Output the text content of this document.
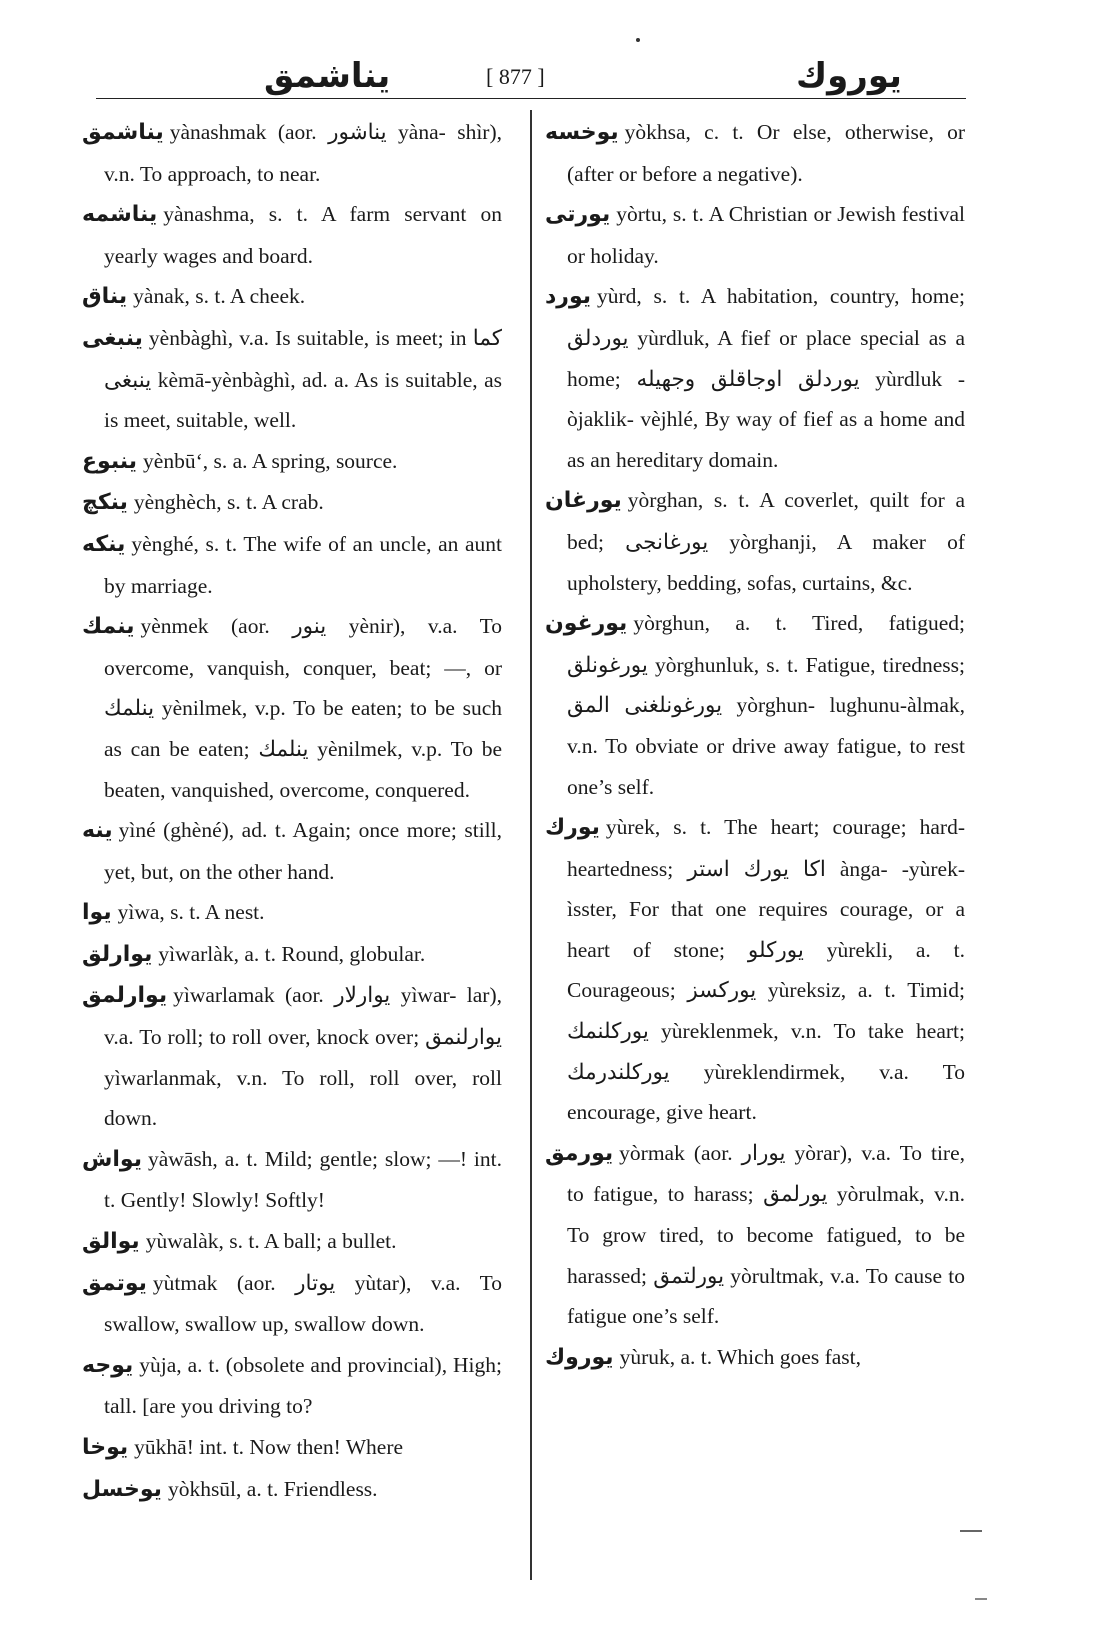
يناشمق	[ 877 ]	يوروك

يناشمق yànashmak (aor. يناشور yàna- shìr), v.n. To approach, to near.

يناشمه yànashma, s. t. A farm servant on yearly wages and board.

يناق yànak, s. t. A cheek.

ينبغى yènbàghì, v.a. Is suitable, is meet; in كما ينبغى kèmā-yènbàghì, ad. a. As is suitable, as is meet, suitable, well.

ينبوع yènbū‘, s. a. A spring, source.

ينكچ yènghèch, s. t. A crab.

ينكه yènghé, s. t. The wife of an uncle, an aunt by marriage.

ينمك yènmek (aor. ينور yènir), v.a. To overcome, vanquish, conquer, beat; —, or ينلمك yènilmek, v.p. To be eaten; to be such as can be eaten; ينلمك yènilmek, v.p. To be beaten, vanquished, overcome, conquered.

ينه yìné (ghèné), ad. t. Again; once more; still, yet, but, on the other hand.

يوا yìwa, s. t. A nest.

يوارلق yìwarlàk, a. t. Round, globular.

يوارلمق yìwarlamak (aor. يوارلار yìwar- lar), v.a. To roll; to roll over, knock over; يوارلنمق yìwarlanmak, v.n. To roll, roll over, roll down.

يواش yàwāsh, a. t. Mild; gentle; slow; —! int. t. Gently! Slowly! Softly!

يوالق yùwalàk, s. t. A ball; a bullet.

يوتمق yùtmak (aor. يوتار yùtar), v.a. To swallow, swallow up, swallow down.

يوجه yùja, a. t. (obsolete and provincial), High; tall. [are you driving to?

يوخا yūkhā! int. t. Now then! Where

يوخسل yòkhsūl, a. t. Friendless.

يوخسه yòkhsa, c. t. Or else, otherwise, or (after or before a negative).

يورتى yòrtu, s. t. A Christian or Jewish festival or holiday.

يورد yùrd, s. t. A habitation, country, home; يوردلق yùrdluk, A fief or place special as a home; يوردلق اوجاقلق وجهيله yùrdluk - òjaklik- vèjhlé, By way of fief as a home and as an hereditary domain.

يورغان yòrghan, s. t. A coverlet, quilt for a bed; يورغانجى yòrghanji, A maker of upholstery, bedding, sofas, curtains, &c.

يورغون yòrghun, a. t. Tired, fatigued; يورغونلق yòrghunluk, s. t. Fatigue, tiredness; يورغونلغنى المق yòrghun- lughunu-àlmak, v.n. To obviate or drive away fatigue, to rest one’s self.

يورك yùrek, s. t. The heart; courage; hard-heartedness; اكا يورك استر ànga- -yùrek-ìsster, For that one requires courage, or a heart of stone; يوركلو yùrekli, a. t. Courageous; يوركسز yùreksiz, a. t. Timid; يوركلنمك yùreklenmek, v.n. To take heart; يوركلندرمك yùreklendirmek, v.a. To encourage, give heart.

يورمق yòrmak (aor. يورار yòrar), v.a. To tire, to fatigue, to harass; يورلمق yòrulmak, v.n. To grow tired, to become fatigued, to be harassed; يورلتمق yòrultmak, v.a. To cause to fatigue one’s self.

يوروك yùruk, a. t. Which goes fast,
